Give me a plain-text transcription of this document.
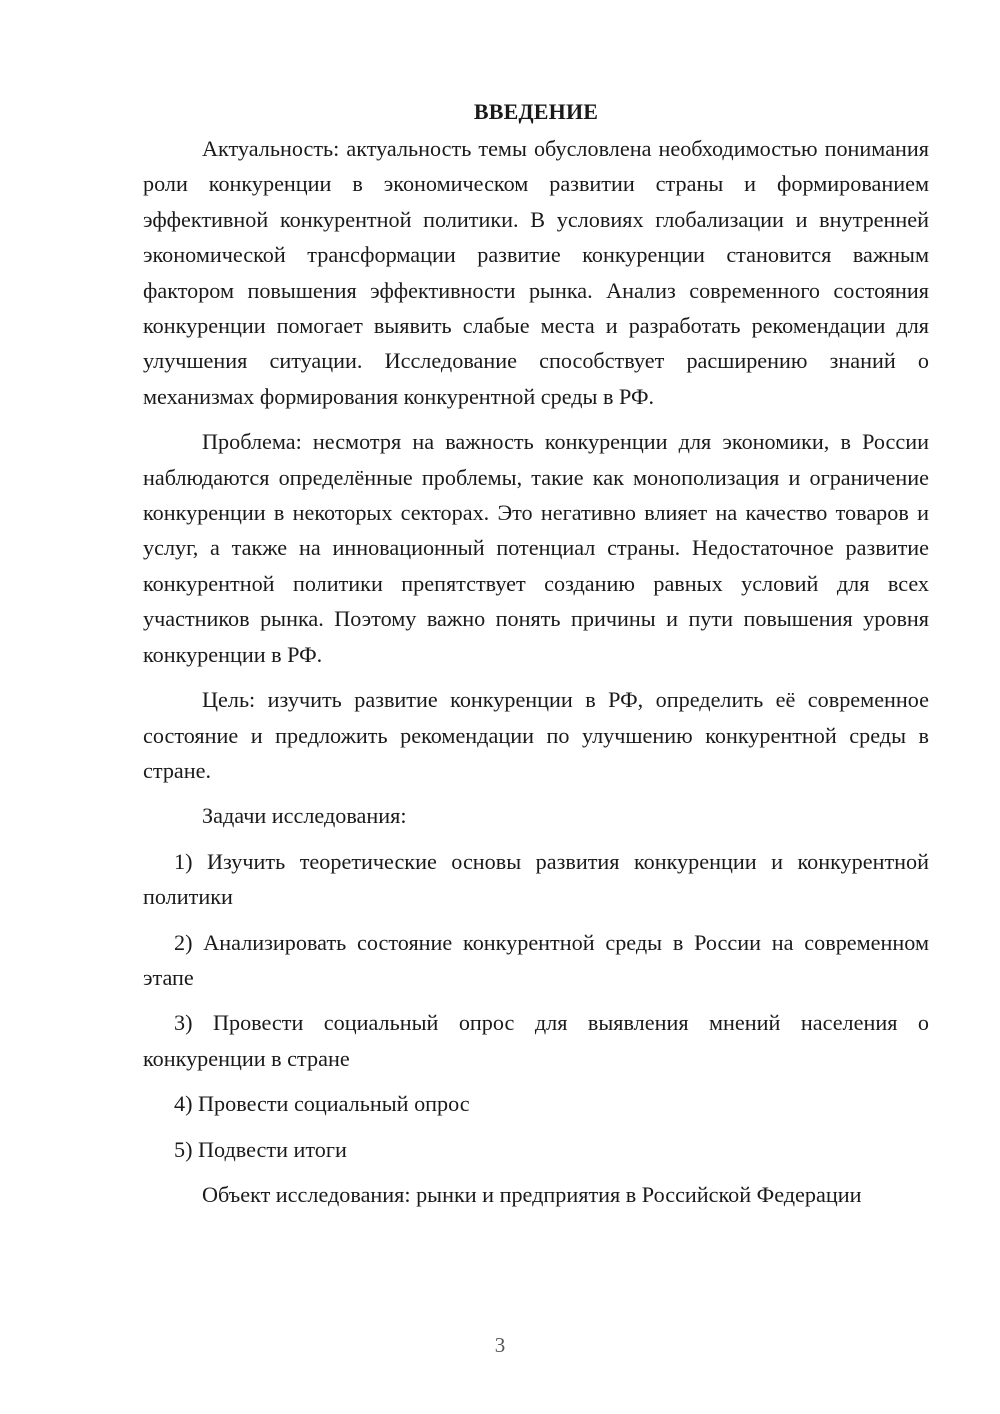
ВВЕДЕНИЕ

Актуальность: актуальность темы обусловлена необходимостью понимания роли конкуренции в экономическом развитии страны и формированием эффективной конкурентной политики. В условиях глобализации и внутренней экономической трансформации развитие конкуренции становится важным фактором повышения эффективности рынка. Анализ современного состояния конкуренции помогает выявить слабые места и разработать рекомендации для улучшения ситуации. Исследование способствует расширению знаний о механизмах формирования конкурентной среды в РФ.

Проблема: несмотря на важность конкуренции для экономики, в России наблюдаются определённые проблемы, такие как монополизация и ограничение конкуренции в некоторых секторах. Это негативно влияет на качество товаров и услуг, а также на инновационный потенциал страны. Недостаточное развитие конкурентной политики препятствует созданию равных условий для всех участников рынка. Поэтому важно понять причины и пути повышения уровня конкуренции в РФ.

Цель: изучить развитие конкуренции в РФ, определить её современное состояние и предложить рекомендации по улучшению конкурентной среды в стране.

Задачи исследования:

1) Изучить теоретические основы развития конкуренции и конкурентной политики

2) Анализировать состояние конкурентной среды в России на современном этапе

3) Провести социальный опрос для выявления мнений населения о конкуренции в стране

4) Провести социальный опрос

5) Подвести итоги

Объект исследования: рынки и предприятия в Российской Федерации

3
